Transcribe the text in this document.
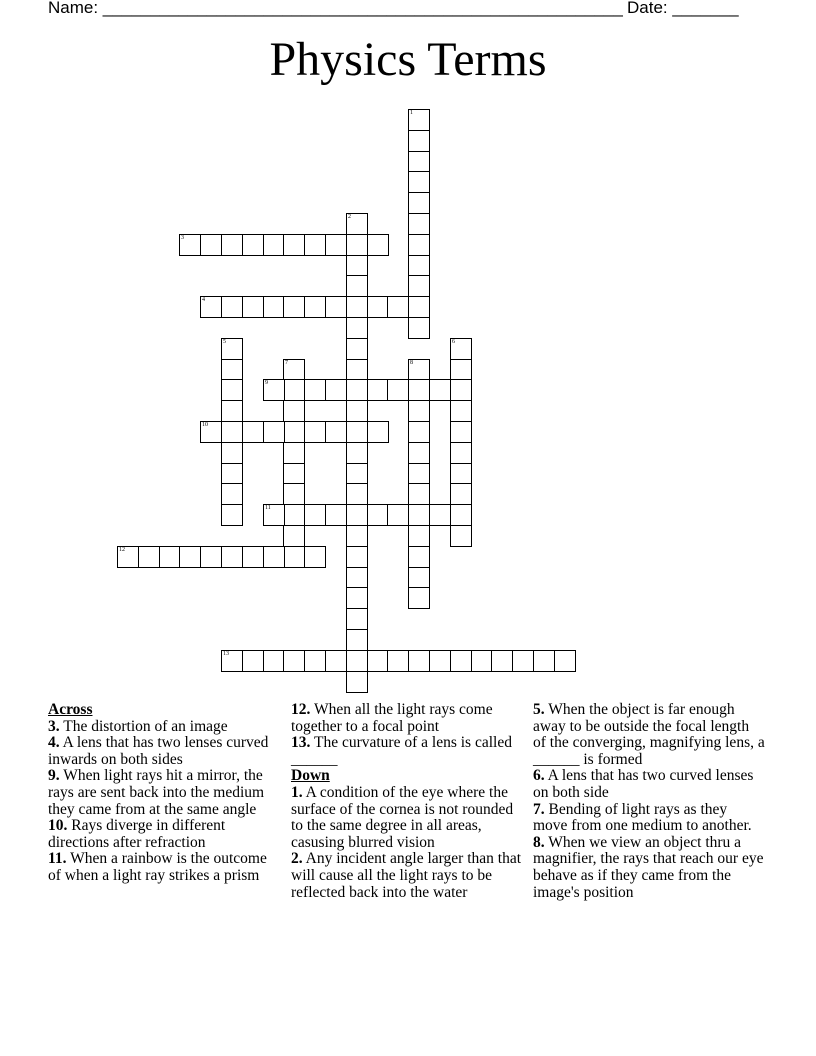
Name: _______________________________________________________ Date: _______
Physics Terms
1
2
3
4
5	6
7	8
9
10
11
12
13

Across

3. The distortion of an image

4. A lens that has two lenses curved inwards on both sides

9. When light rays hit a mirror, the rays are sent back into the medium they came from at the same angle

10. Rays diverge in different directions after refraction

11. When a rainbow is the outcome of when a light ray strikes a prism

12. When all the light rays come together to a focal point

13. The curvature of a lens is called ______

Down

1. A condition of the eye where the surface of the cornea is not rounded to the same degree in all areas, casusing blurred vision

2. Any incident angle larger than that will cause all the light rays to be reflected back into the water

5. When the object is far enough away to be outside the focal length of the converging, magnifying lens, a ______ is formed

6. A lens that has two curved lenses on both side

7. Bending of light rays as they move from one medium to another.

8. When we view an object thru a magnifier, the rays that reach our eye behave as if they came from the image's position
